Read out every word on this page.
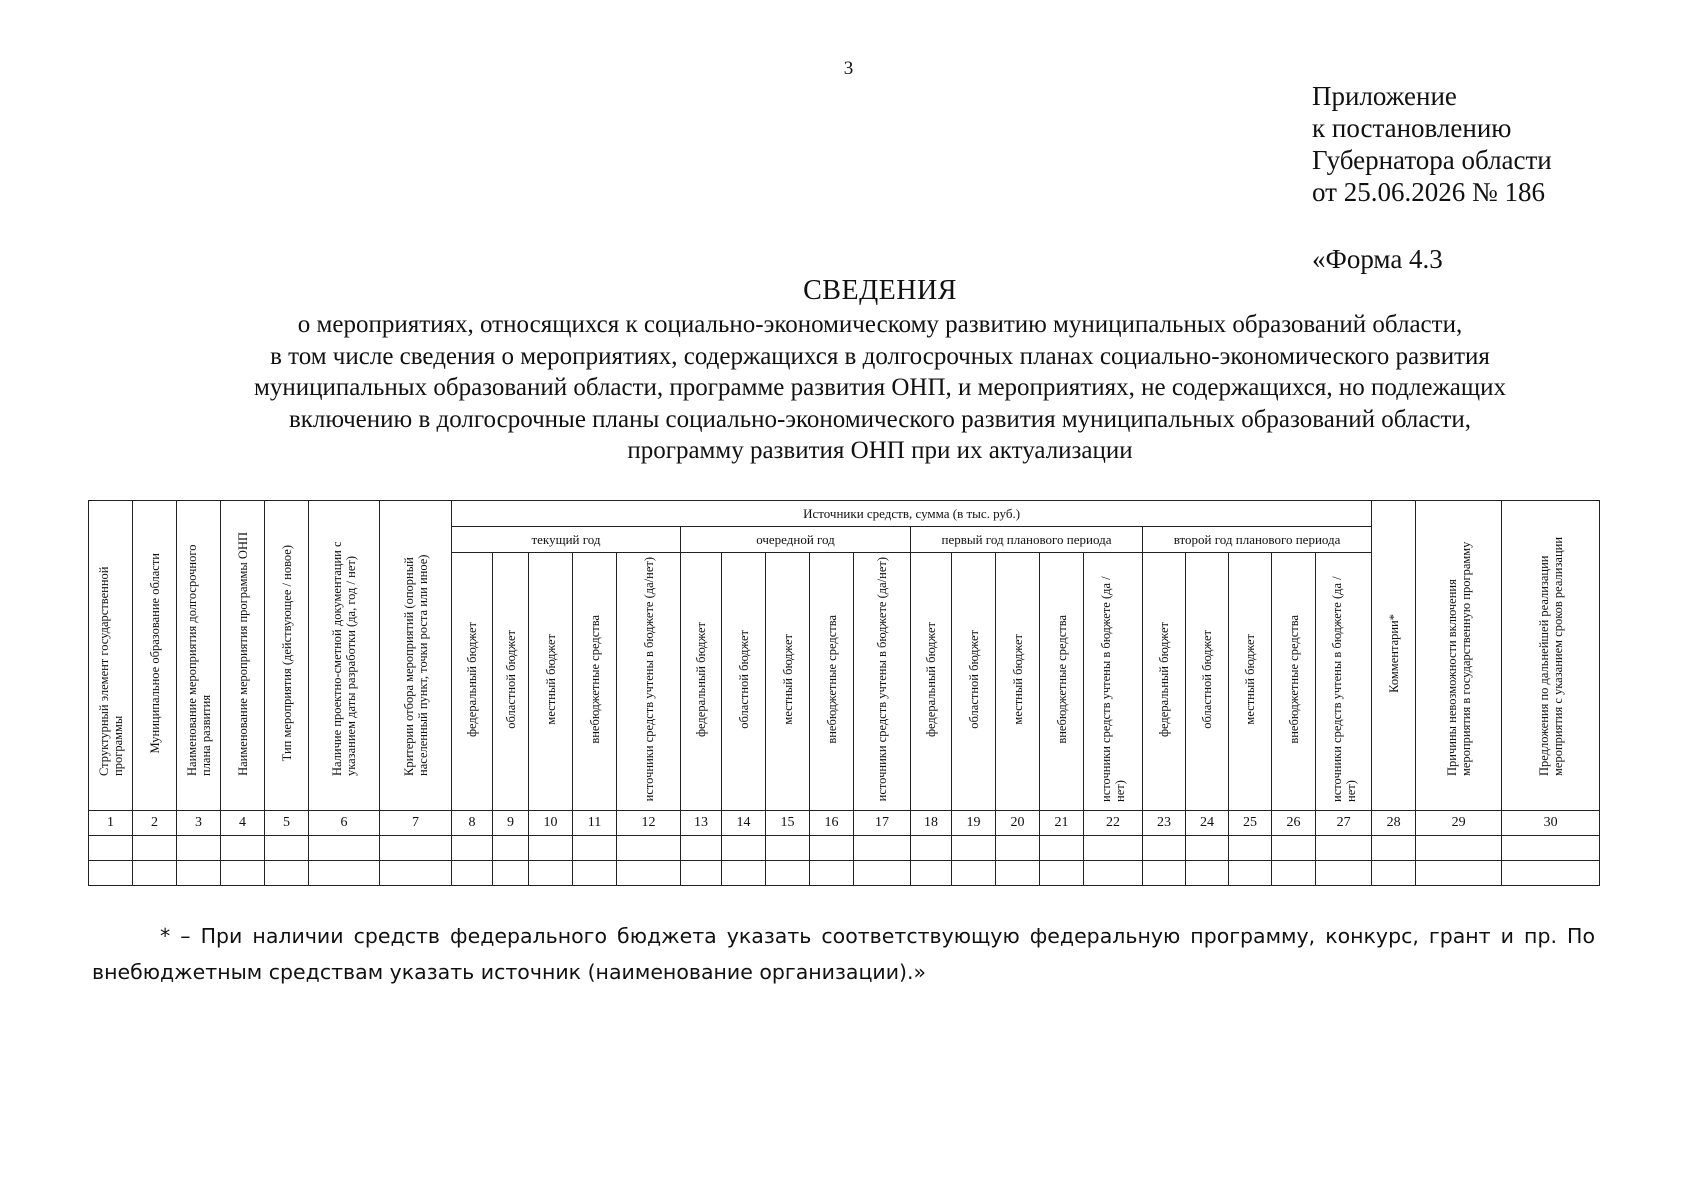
3
Приложение
к постановлению
Губернатора области
от 25.06.2026 № 186
«Форма 4.3
СВЕДЕНИЯ
о мероприятиях, относящихся к социально-экономическому развитию муниципальных образований области,
в том числе сведения о мероприятиях, содержащихся в долгосрочных планах социально-экономического развития
муниципальных образований области, программе развития ОНП, и мероприятиях, не содержащихся, но подлежащих
включению в долгосрочные планы социально-экономического развития муниципальных образований области,
программу развития ОНП при их актуализации
Структурный элемент государственной программы	Муниципальное образование области	Наименование мероприятия долгосрочного плана развития	Наименование мероприятия программы ОНП	Тип мероприятия (действующее / новое)	Наличие проектно-сметной документации с указанием даты разработки (да, год / нет)	Критерии отбора мероприятий (опорный населенный пункт, точки роста или иное)	Источники средств, сумма (в тыс. руб.)																				Комментарии*	Причины невозможности включения мероприятия в государственную программу	Предложения по дальнейшей реализации мероприятия с указанием сроков реализации
							текущий год					очередной год					первый год планового периода					второй год планового периода							
							федеральный бюджет	областной бюджет	местный бюджет	внебюджетные средства	источники средств учтены в бюджете (да/нет)	федеральный бюджет	областной бюджет	местный бюджет	внебюджетные средства	источники средств учтены в бюджете (да/нет)	федеральный бюджет	областной бюджет	местный бюджет	внебюджетные средства	источники средств учтены в бюджете (да / нет)	федеральный бюджет	областной бюджет	местный бюджет	внебюджетные средства	источники средств учтены в бюджете (да / нет)			
1	2	3	4	5	6	7	8	9	10	11	12	13	14	15	16	17	18	19	20	21	22	23	24	25	26	27	28	29	30

* – При наличии средств федерального бюджета указать соответствующую федеральную программу, конкурс, грант и пр. По
внебюджетным средствам указать источник (наименование организации).»
